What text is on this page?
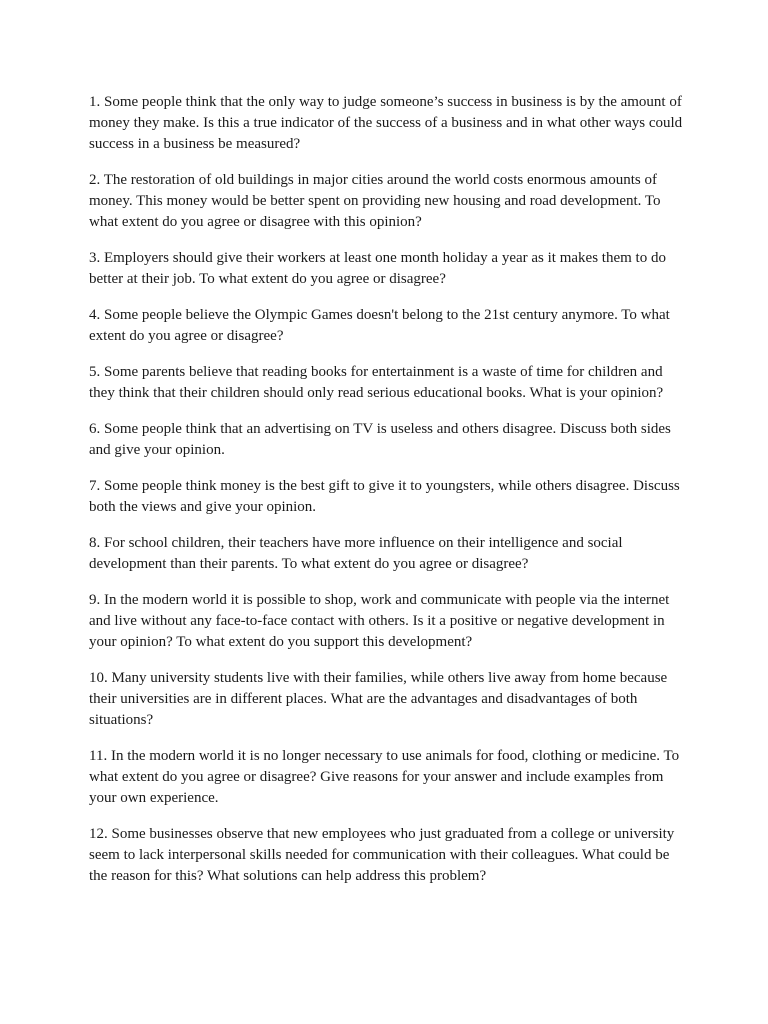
1. Some people think that the only way to judge someone’s success in business is by the amount of money they make. Is this a true indicator of the success of a business and in what other ways could success in a business be measured?
2. The restoration of old buildings in major cities around the world costs enormous amounts of money. This money would be better spent on providing new housing and road development. To what extent do you agree or disagree with this opinion?
3. Employers should give their workers at least one month holiday a year as it makes them to do better at their job. To what extent do you agree or disagree?
4. Some people believe the Olympic Games doesn't belong to the 21st century anymore. To what extent do you agree or disagree?
5. Some parents believe that reading books for entertainment is a waste of time for children and they think that their children should only read serious educational books. What is your opinion?
6. Some people think that an advertising on TV is useless and others disagree. Discuss both sides and give your opinion.
7. Some people think money is the best gift to give it to youngsters, while others disagree. Discuss both the views and give your opinion.
8. For school children, their teachers have more influence on their intelligence and social development than their parents. To what extent do you agree or disagree?
9. In the modern world it is possible to shop, work and communicate with people via the internet and live without any face-to-face contact with others. Is it a positive or negative development in your opinion? To what extent do you support this development?
10. Many university students live with their families, while others live away from home because their universities are in different places. What are the advantages and disadvantages of both situations?
11. In the modern world it is no longer necessary to use animals for food, clothing or medicine. To what extent do you agree or disagree? Give reasons for your answer and include examples from your own experience.
12. Some businesses observe that new employees who just graduated from a college or university seem to lack interpersonal skills needed for communication with their colleagues. What could be the reason for this? What solutions can help address this problem?
